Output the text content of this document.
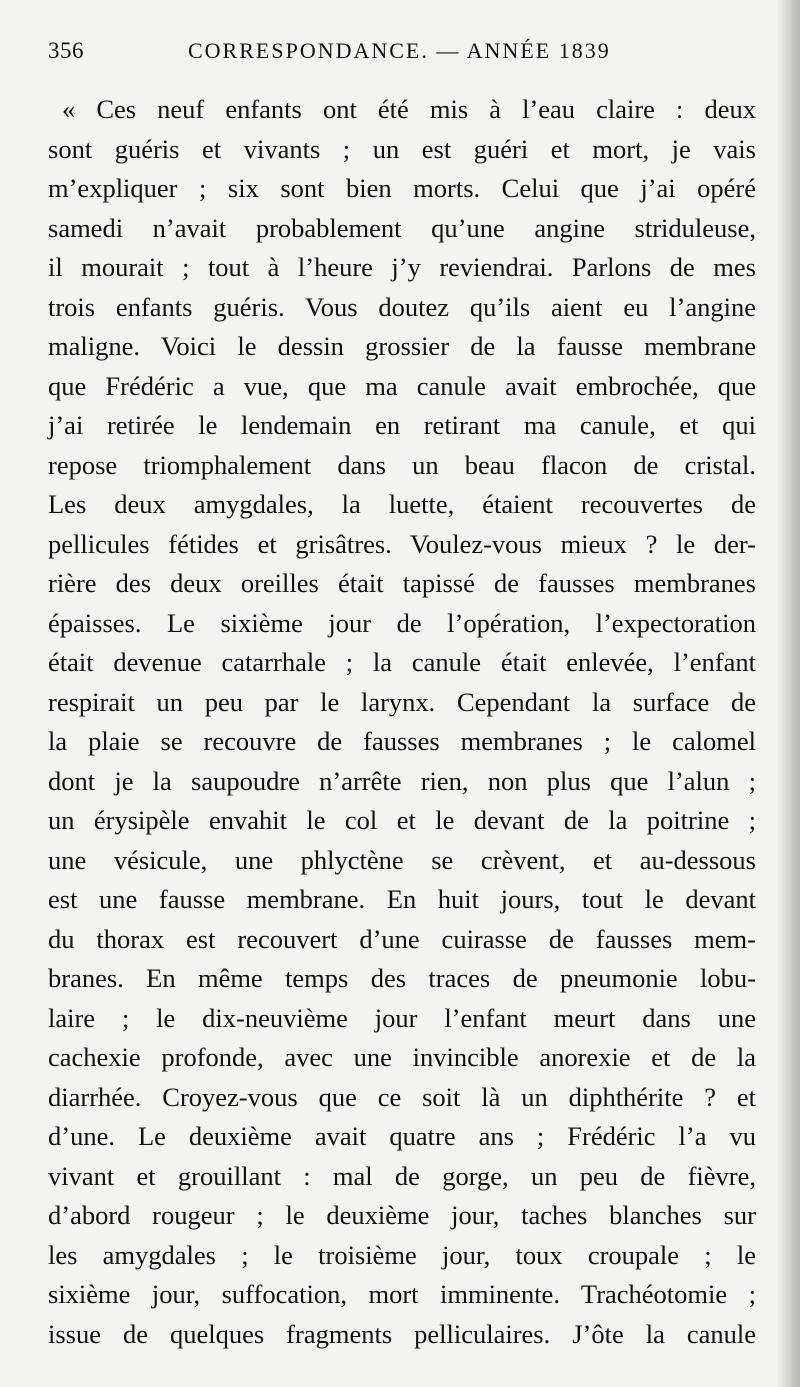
356	CORRESPONDANCE. — ANNÉE 1839
« Ces neuf enfants ont été mis à l’eau claire : deux
sont guéris et vivants ; un est guéri et mort, je vais
m’expliquer ; six sont bien morts. Celui que j’ai opéré
samedi n’avait probablement qu’une angine striduleuse,
il mourait ; tout à l’heure j’y reviendrai. Parlons de mes
trois enfants guéris. Vous doutez qu’ils aient eu l’angine
maligne. Voici le dessin grossier de la fausse membrane
que Frédéric a vue, que ma canule avait embrochée, que
j’ai retirée le lendemain en retirant ma canule, et qui
repose triomphalement dans un beau flacon de cristal.
Les deux amygdales, la luette, étaient recouvertes de
pellicules fétides et grisâtres. Voulez-vous mieux ? le der-
rière des deux oreilles était tapissé de fausses membranes
épaisses. Le sixième jour de l’opération, l’expectoration
était devenue catarrhale ; la canule était enlevée, l’enfant
respirait un peu par le larynx. Cependant la surface de
la plaie se recouvre de fausses membranes ; le calomel
dont je la saupoudre n’arrête rien, non plus que l’alun ;
un érysipèle envahit le col et le devant de la poitrine ;
une vésicule, une phlyctène se crèvent, et au-dessous
est une fausse membrane. En huit jours, tout le devant
du thorax est recouvert d’une cuirasse de fausses mem-
branes. En même temps des traces de pneumonie lobu-
laire ; le dix-neuvième jour l’enfant meurt dans une
cachexie profonde, avec une invincible anorexie et de la
diarrhée. Croyez-vous que ce soit là un diphthérite ? et
d’une. Le deuxième avait quatre ans ; Frédéric l’a vu
vivant et grouillant : mal de gorge, un peu de fièvre,
d’abord rougeur ; le deuxième jour, taches blanches sur
les amygdales ; le troisième jour, toux croupale ; le
sixième jour, suffocation, mort imminente. Trachéotomie ;
issue de quelques fragments pelliculaires. J’ôte la canule
